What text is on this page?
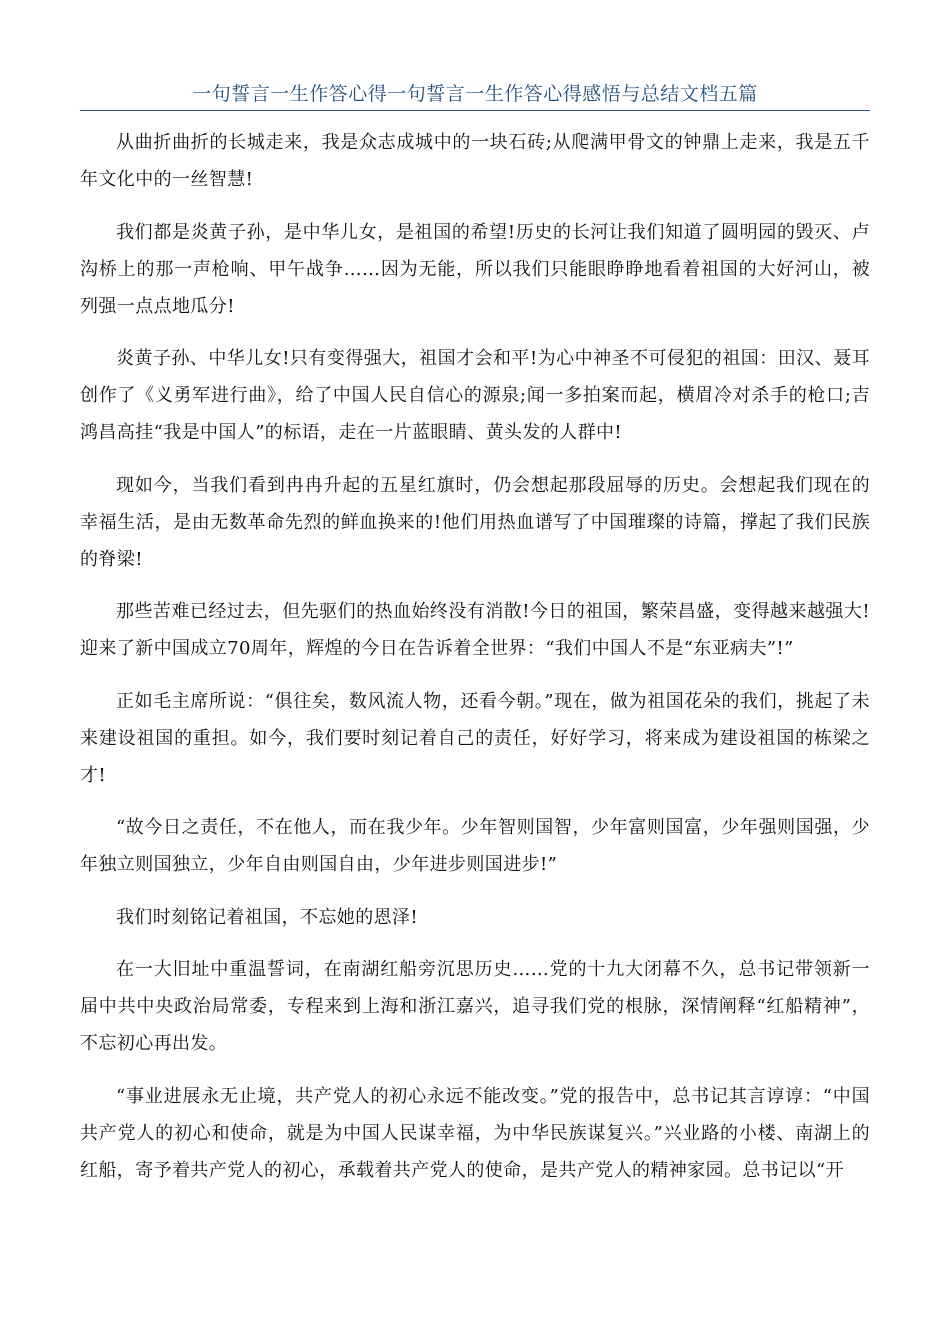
一句誓言一生作答心得一句誓言一生作答心得感悟与总结文档五篇

从曲折曲折的长城走来，我是众志成城中的一块石砖;从爬满甲骨文的钟鼎上走来，我是五千年文化中的一丝智慧!

我们都是炎黄子孙，是中华儿女，是祖国的希望!历史的长河让我们知道了圆明园的毁灭、卢沟桥上的那一声枪响、甲午战争……因为无能，所以我们只能眼睁睁地看着祖国的大好河山，被列强一点点地瓜分!

炎黄子孙、中华儿女!只有变得强大，祖国才会和平!为心中神圣不可侵犯的祖国：田汉、聂耳创作了《义勇军进行曲》，给了中国人民自信心的源泉;闻一多拍案而起，横眉冷对杀手的枪口;吉鸿昌高挂“我是中国人”的标语，走在一片蓝眼睛、黄头发的人群中!

现如今，当我们看到冉冉升起的五星红旗时，仍会想起那段屈辱的历史。会想起我们现在的幸福生活，是由无数革命先烈的鲜血换来的!他们用热血谱写了中国璀璨的诗篇，撑起了我们民族的脊梁!

那些苦难已经过去，但先驱们的热血始终没有消散!今日的祖国，繁荣昌盛，变得越来越强大!迎来了新中国成立70周年，辉煌的今日在告诉着全世界：“我们中国人不是“东亚病夫”!”

正如毛主席所说：“俱往矣，数风流人物，还看今朝。”现在，做为祖国花朵的我们，挑起了未来建设祖国的重担。如今，我们要时刻记着自己的责任，好好学习，将来成为建设祖国的栋梁之才!

“故今日之责任，不在他人，而在我少年。少年智则国智，少年富则国富，少年强则国强，少年独立则国独立，少年自由则国自由，少年进步则国进步!”

我们时刻铭记着祖国，不忘她的恩泽!

在一大旧址中重温誓词，在南湖红船旁沉思历史……党的十九大闭幕不久，总书记带领新一届中共中央政治局常委，专程来到上海和浙江嘉兴，追寻我们党的根脉，深情阐释“红船精神”，不忘初心再出发。

“事业进展永无止境，共产党人的初心永远不能改变。”党的报告中，总书记其言谆谆：“中国共产党人的初心和使命，就是为中国人民谋幸福，为中华民族谋复兴。”兴业路的小楼、南湖上的红船，寄予着共产党人的初心，承载着共产党人的使命，是共产党人的精神家园。总书记以“开
